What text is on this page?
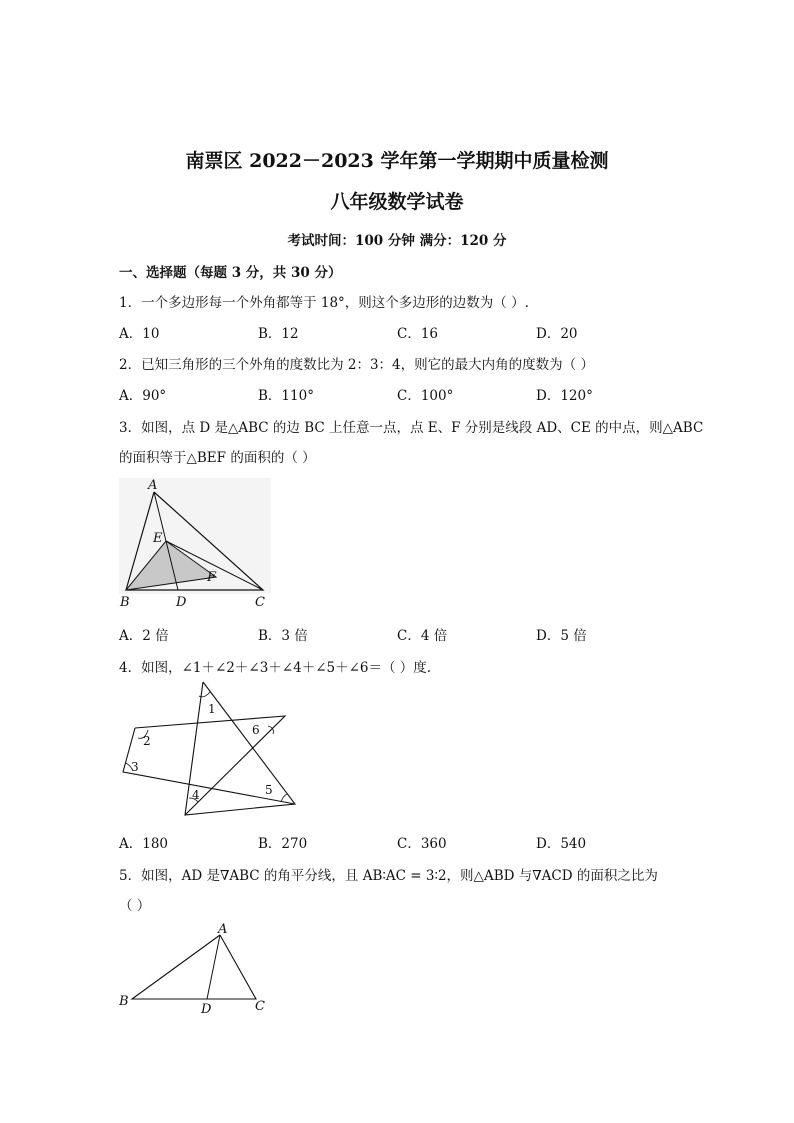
南票区 2022－2023 学年第一学期期中质量检测
八年级数学试卷
考试时间：100 分钟 满分：120 分
一、选择题（每题 3 分，共 30 分）
1．一个多边形每一个外角都等于 18°，则这个多边形的边数为（ ）.
A．10	B．12	C．16	D．20
2．已知三角形的三个外角的度数比为 2：3：4，则它的最大内角的度数为（ ）
A．90°	B．110°	C．100°	D．120°
3．如图，点 D 是△ABC 的边 BC 上任意一点，点 E、F 分别是线段 AD、CE 的中点，则△ABC
的面积等于△BEF 的面积的（ ）
A
E
F
B	D	C
A．2 倍	B．3 倍	C．4 倍	D．5 倍
4．如图，∠1＋∠2＋∠3＋∠4＋∠5＋∠6＝（ ）度.
1
2
3
4	5
6
A．180	B．270	C．360	D．540
5．如图，AD 是∇ABC 的角平分线，且 AB∶AC = 3∶2，则△ABD 与∇ACD 的面积之比为
（ ）
A
B
D	C
